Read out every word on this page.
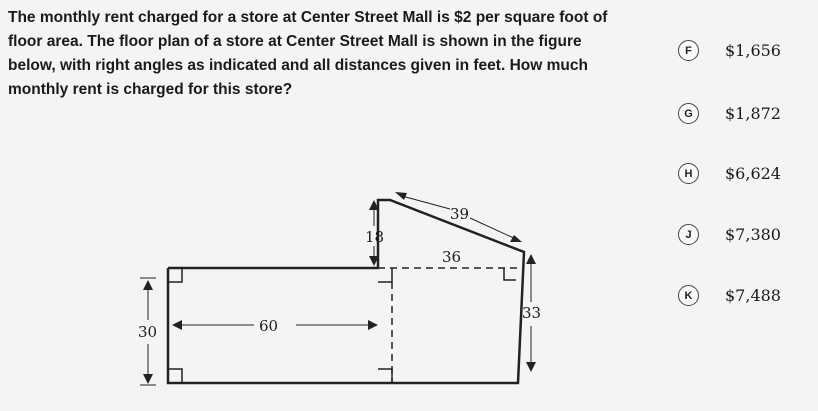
The monthly rent charged for a store at Center Street Mall is $2 per square foot of
floor area. The floor plan of a store at Center Street Mall is shown in the figure
below, with right angles as indicated and all distances given in feet. How much
monthly rent is charged for this store?
F	$1,656
G	$1,872
H	$6,624
J	$7,380
K	$7,488
39
18
36
33
30	60
